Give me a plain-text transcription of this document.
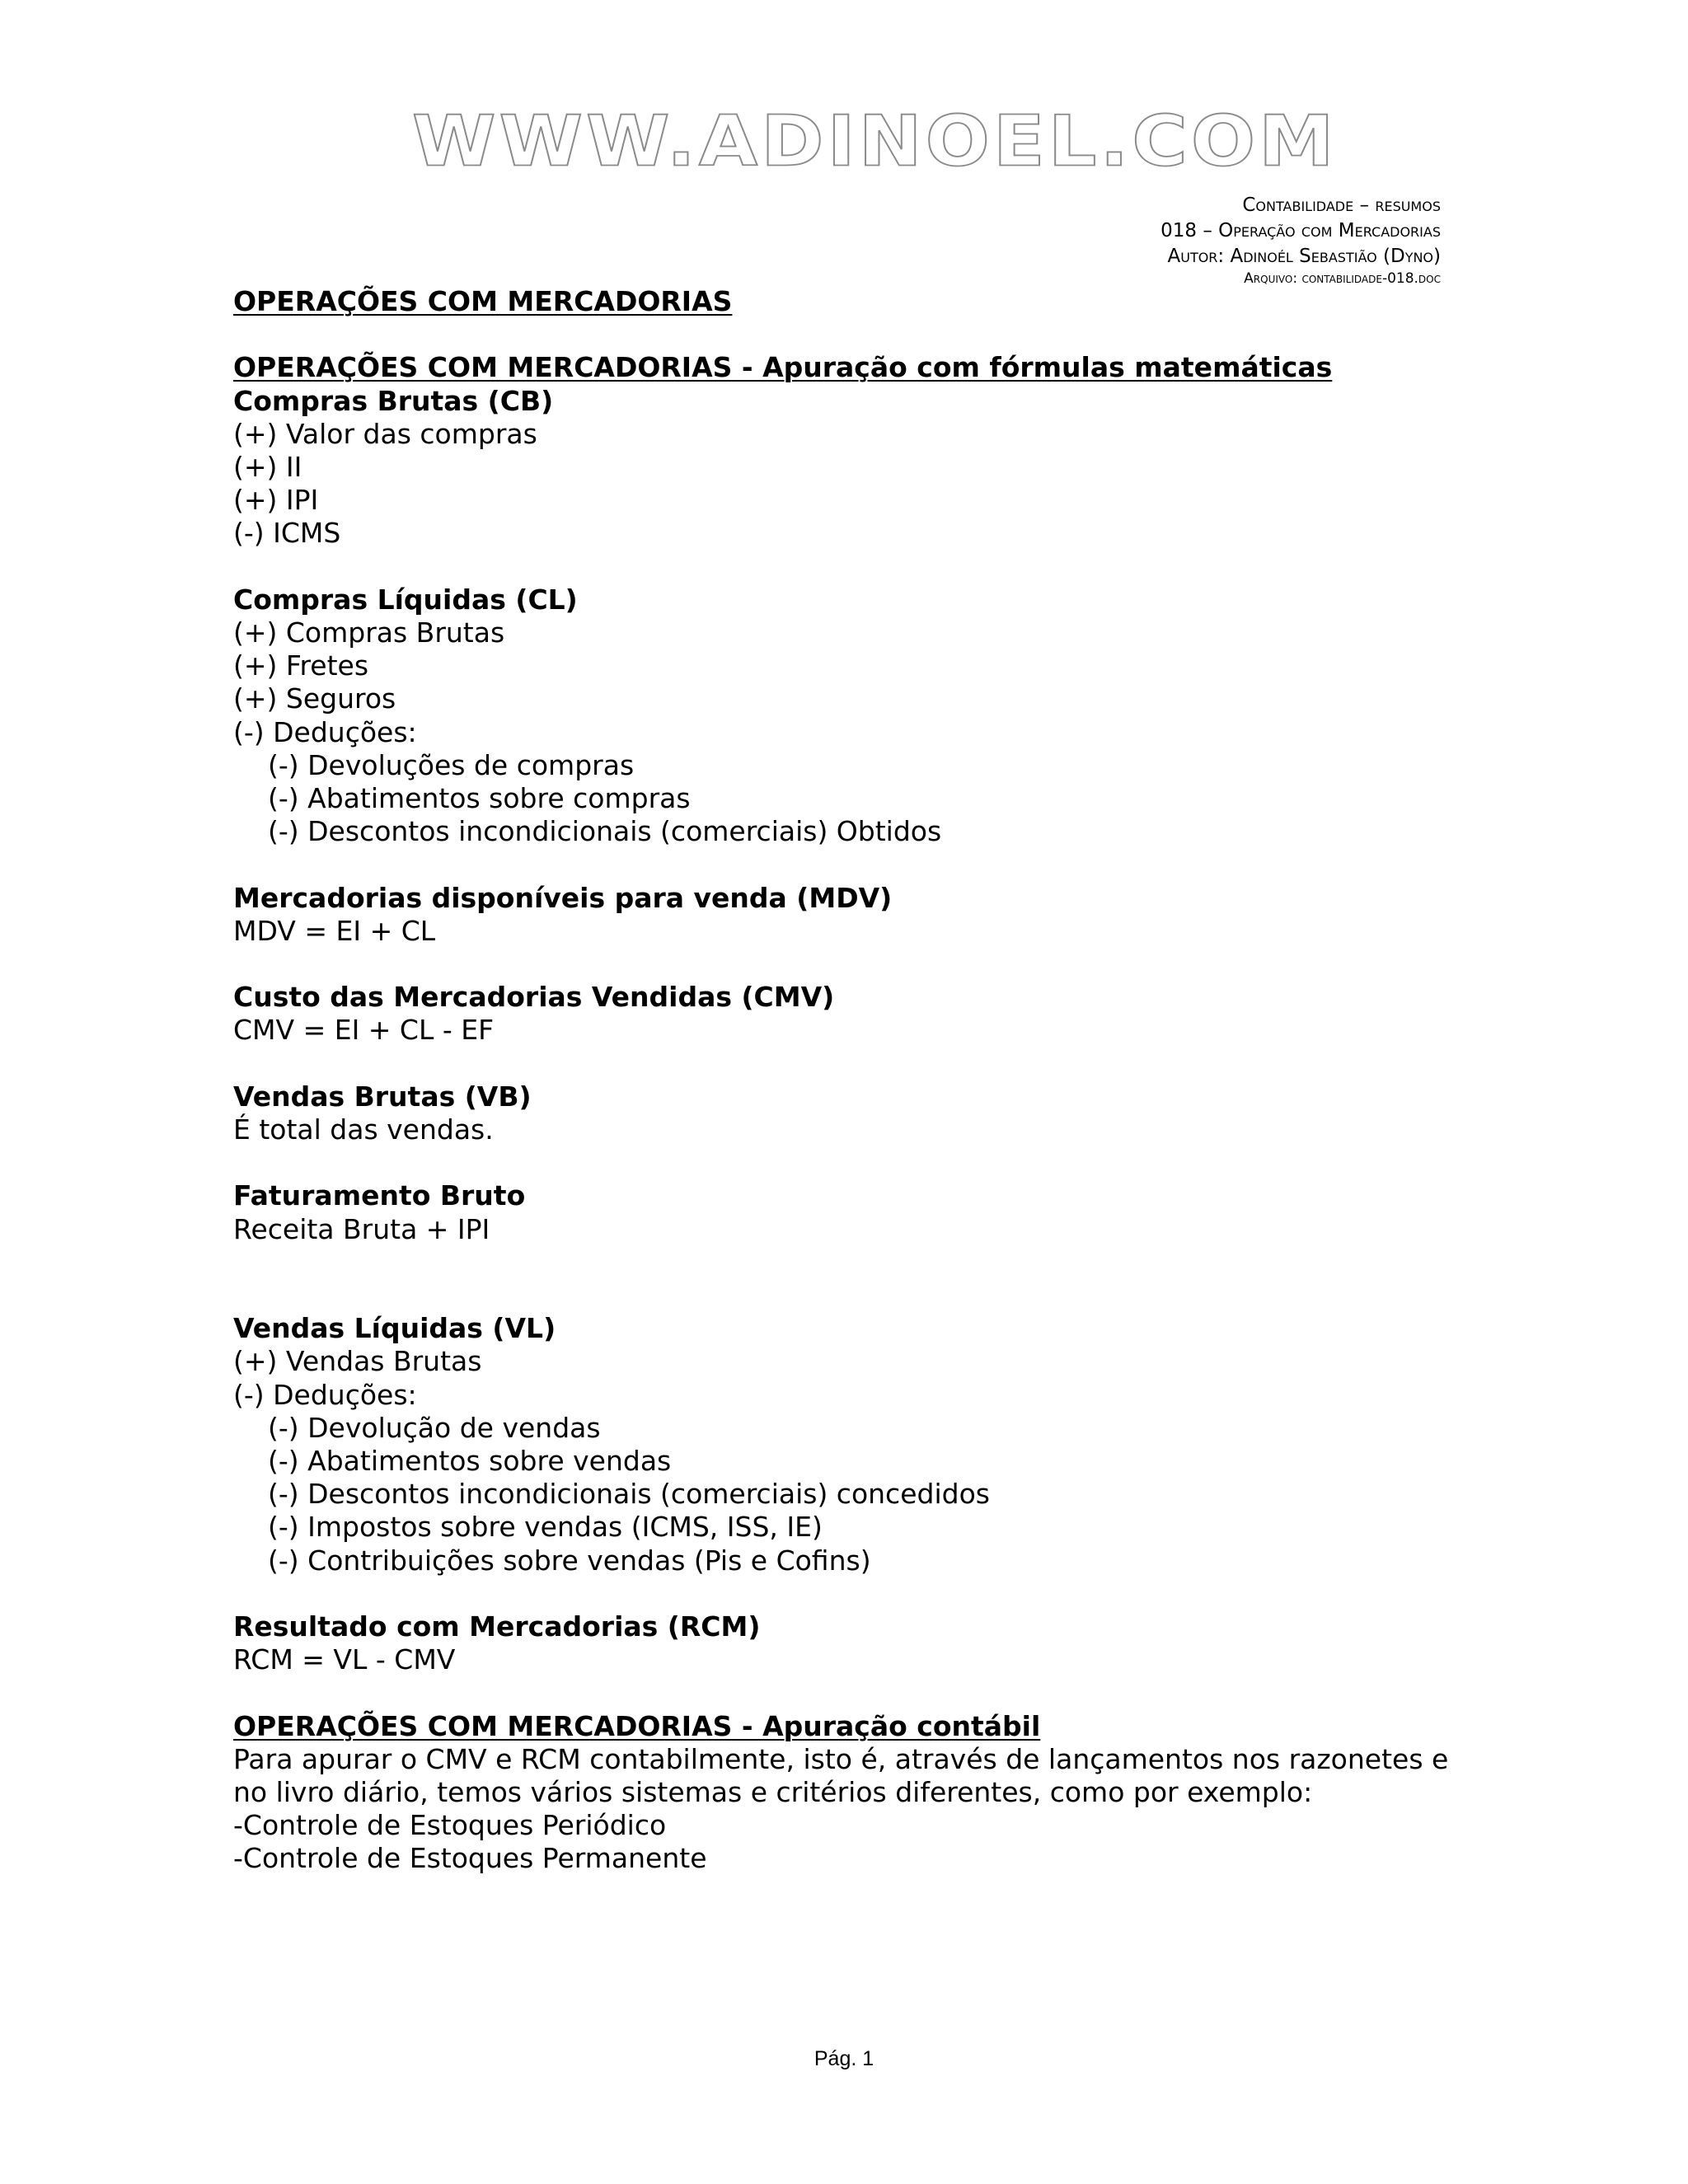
WWW.ADINOEL.COM
Contabilidade – resumos
018 – Operação com Mercadorias
Autor: Adinoél Sebastião (Dyno)
Arquivo: contabilidade-018.doc
OPERAÇÕES COM MERCADORIAS
OPERAÇÕES COM MERCADORIAS - Apuração com fórmulas matemáticas
Compras Brutas (CB)
(+) Valor das compras
(+) II
(+) IPI
(-) ICMS
Compras Líquidas (CL)
(+) Compras Brutas
(+) Fretes
(+) Seguros
(-) Deduções:
(-) Devoluções de compras
(-) Abatimentos sobre compras
(-) Descontos incondicionais (comerciais) Obtidos
Mercadorias disponíveis para venda (MDV)
MDV = EI + CL
Custo das Mercadorias Vendidas (CMV)
CMV = EI + CL - EF
Vendas Brutas (VB)
É total das vendas.
Faturamento Bruto
Receita Bruta + IPI
Vendas Líquidas (VL)
(+) Vendas Brutas
(-) Deduções:
(-) Devolução de vendas
(-) Abatimentos sobre vendas
(-) Descontos incondicionais (comerciais) concedidos
(-) Impostos sobre vendas (ICMS, ISS, IE)
(-) Contribuições sobre vendas (Pis e Cofins)
Resultado com Mercadorias (RCM)
RCM = VL - CMV
OPERAÇÕES COM MERCADORIAS - Apuração contábil
Para apurar o CMV e RCM contabilmente, isto é, através de lançamentos nos razonetes e no livro diário, temos vários sistemas e critérios diferentes, como por exemplo:
-Controle de Estoques Periódico
-Controle de Estoques Permanente
Pág. 1
